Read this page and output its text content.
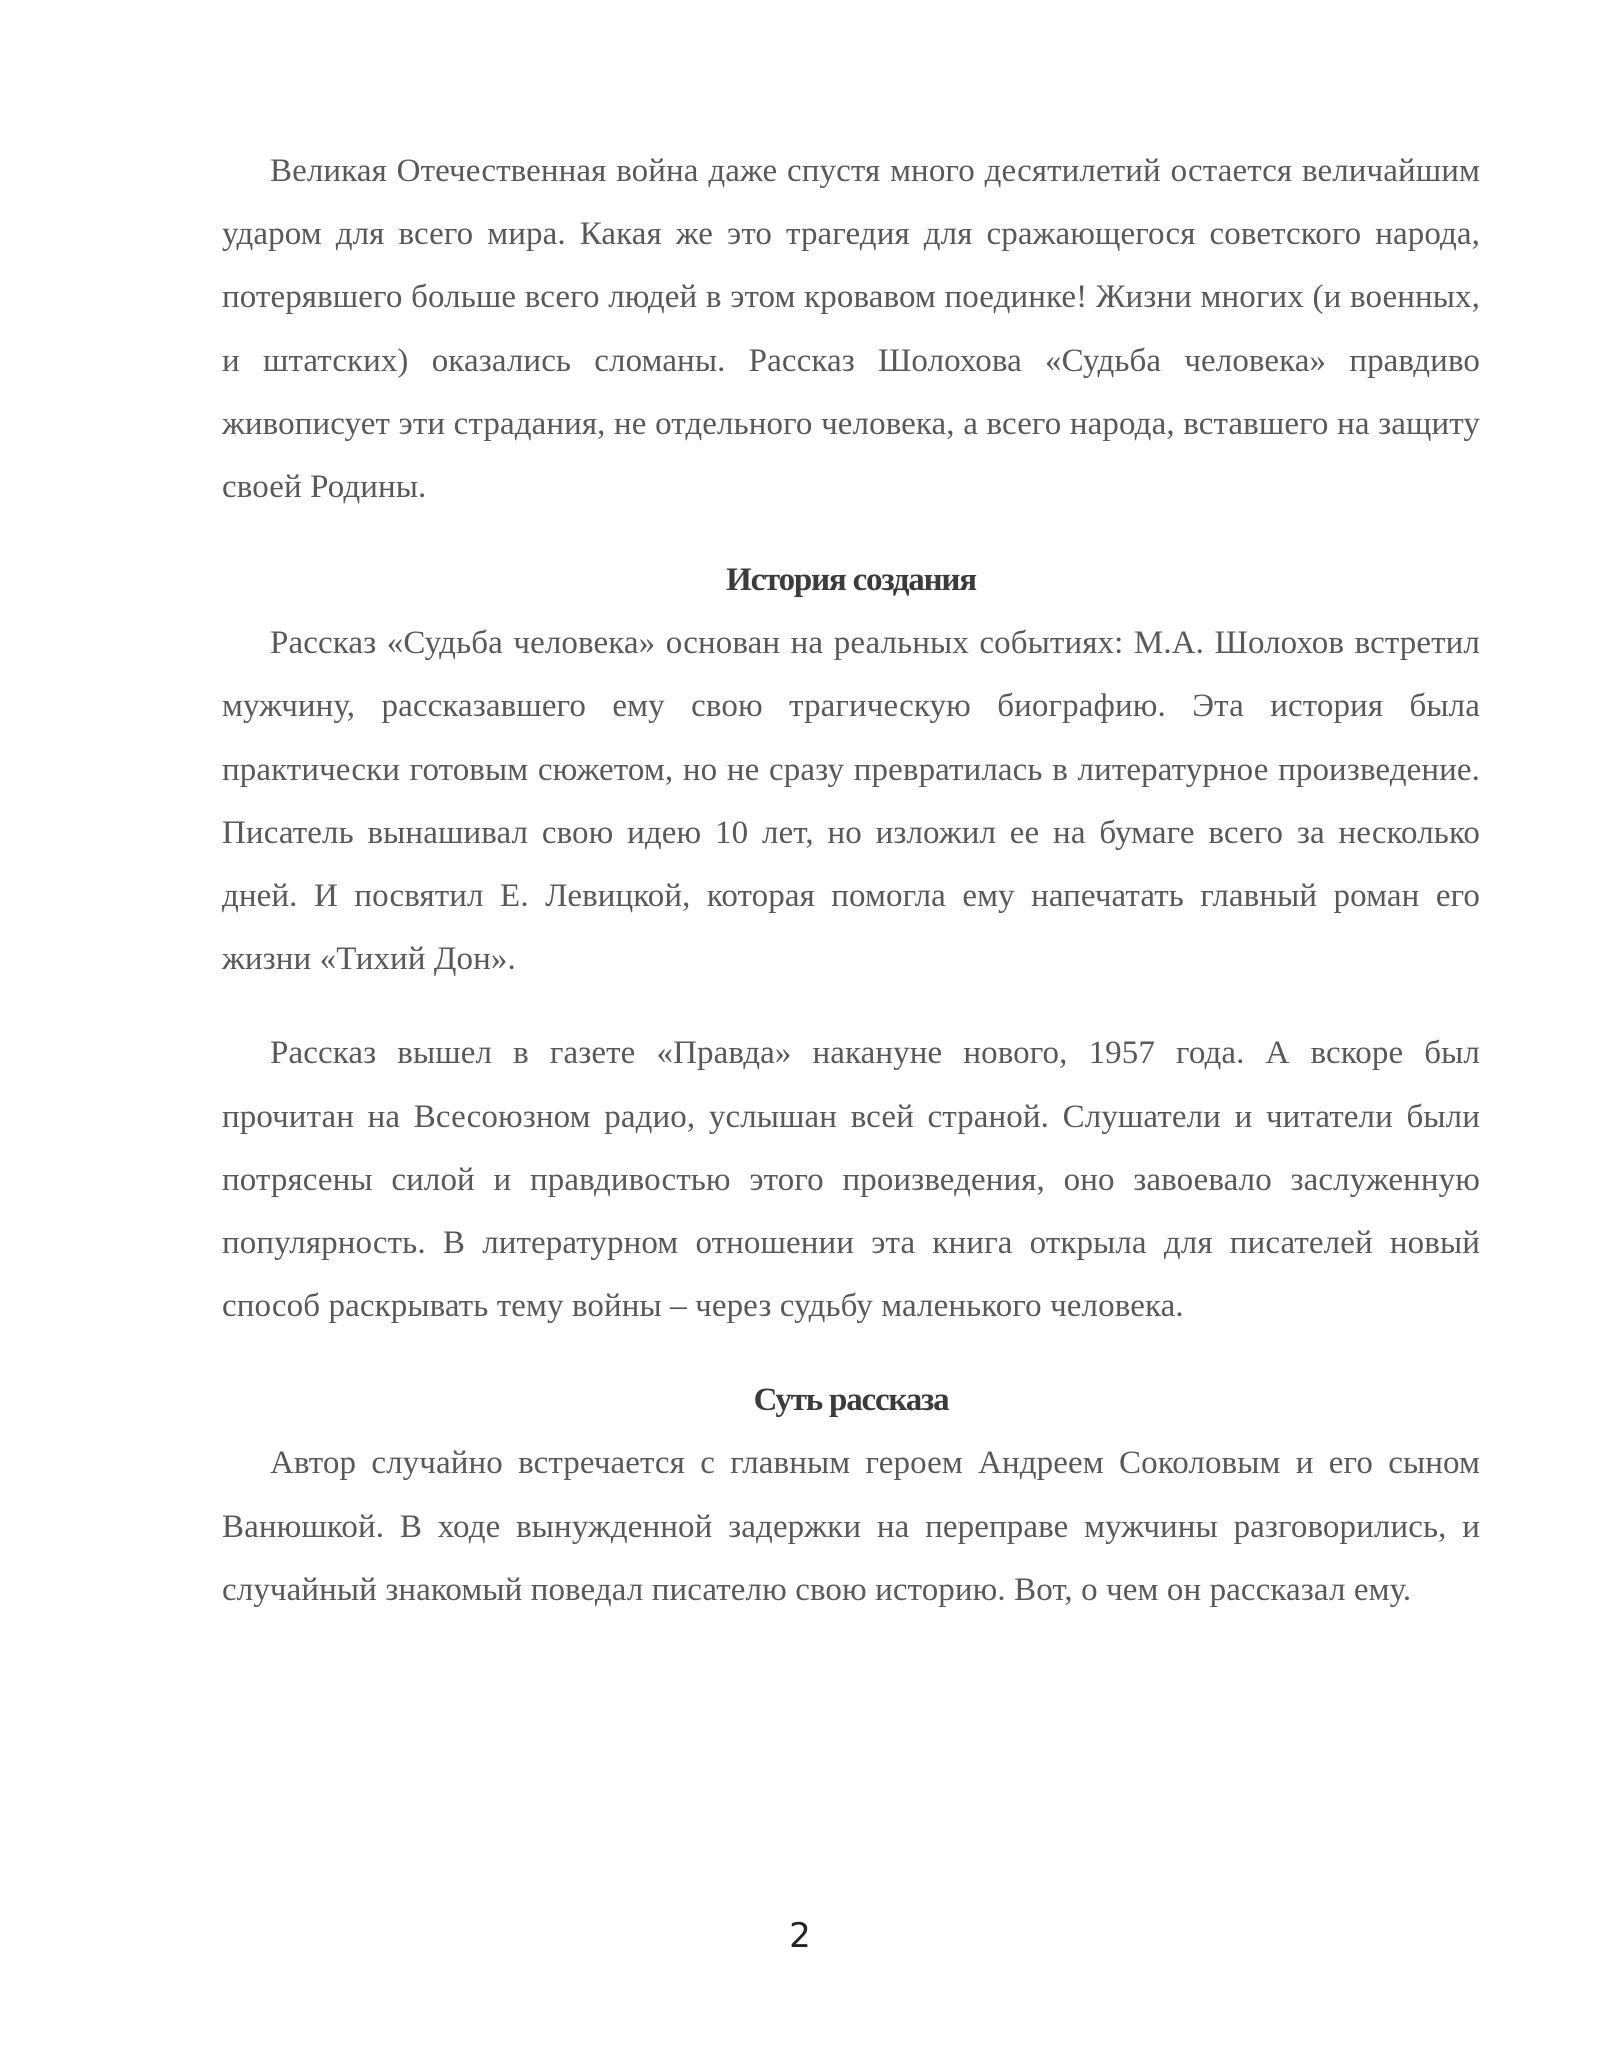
Великая Отечественная война даже спустя много десятилетий остается величайшим ударом для всего мира. Какая же это трагедия для сражающегося советского народа, потерявшего больше всего людей в этом кровавом поединке! Жизни многих (и военных, и штатских) оказались сломаны. Рассказ Шолохова «Судьба человека» правдиво живописует эти страдания, не отдельного человека, а всего народа, вставшего на защиту своей Родины.

История создания

Рассказ «Судьба человека» основан на реальных событиях: М.А. Шолохов встретил мужчину, рассказавшего ему свою трагическую биографию. Эта история была практически готовым сюжетом, но не сразу превратилась в литературное произведение. Писатель вынашивал свою идею 10 лет, но изложил ее на бумаге всего за несколько дней. И посвятил Е. Левицкой, которая помогла ему напечатать главный роман его жизни «Тихий Дон».

Рассказ вышел в газете «Правда» накануне нового, 1957 года. А вскоре был прочитан на Всесоюзном радио, услышан всей страной. Слушатели и читатели были потрясены силой и правдивостью этого произведения, оно завоевало заслуженную популярность. В литературном отношении эта книга открыла для писателей новый способ раскрывать тему войны – через судьбу маленького человека.

Суть рассказа

Автор случайно встречается с главным героем Андреем Соколовым и его сыном Ванюшкой. В ходе вынужденной задержки на переправе мужчины разговорились, и случайный знакомый поведал писателю свою историю. Вот, о чем он рассказал ему.

2
